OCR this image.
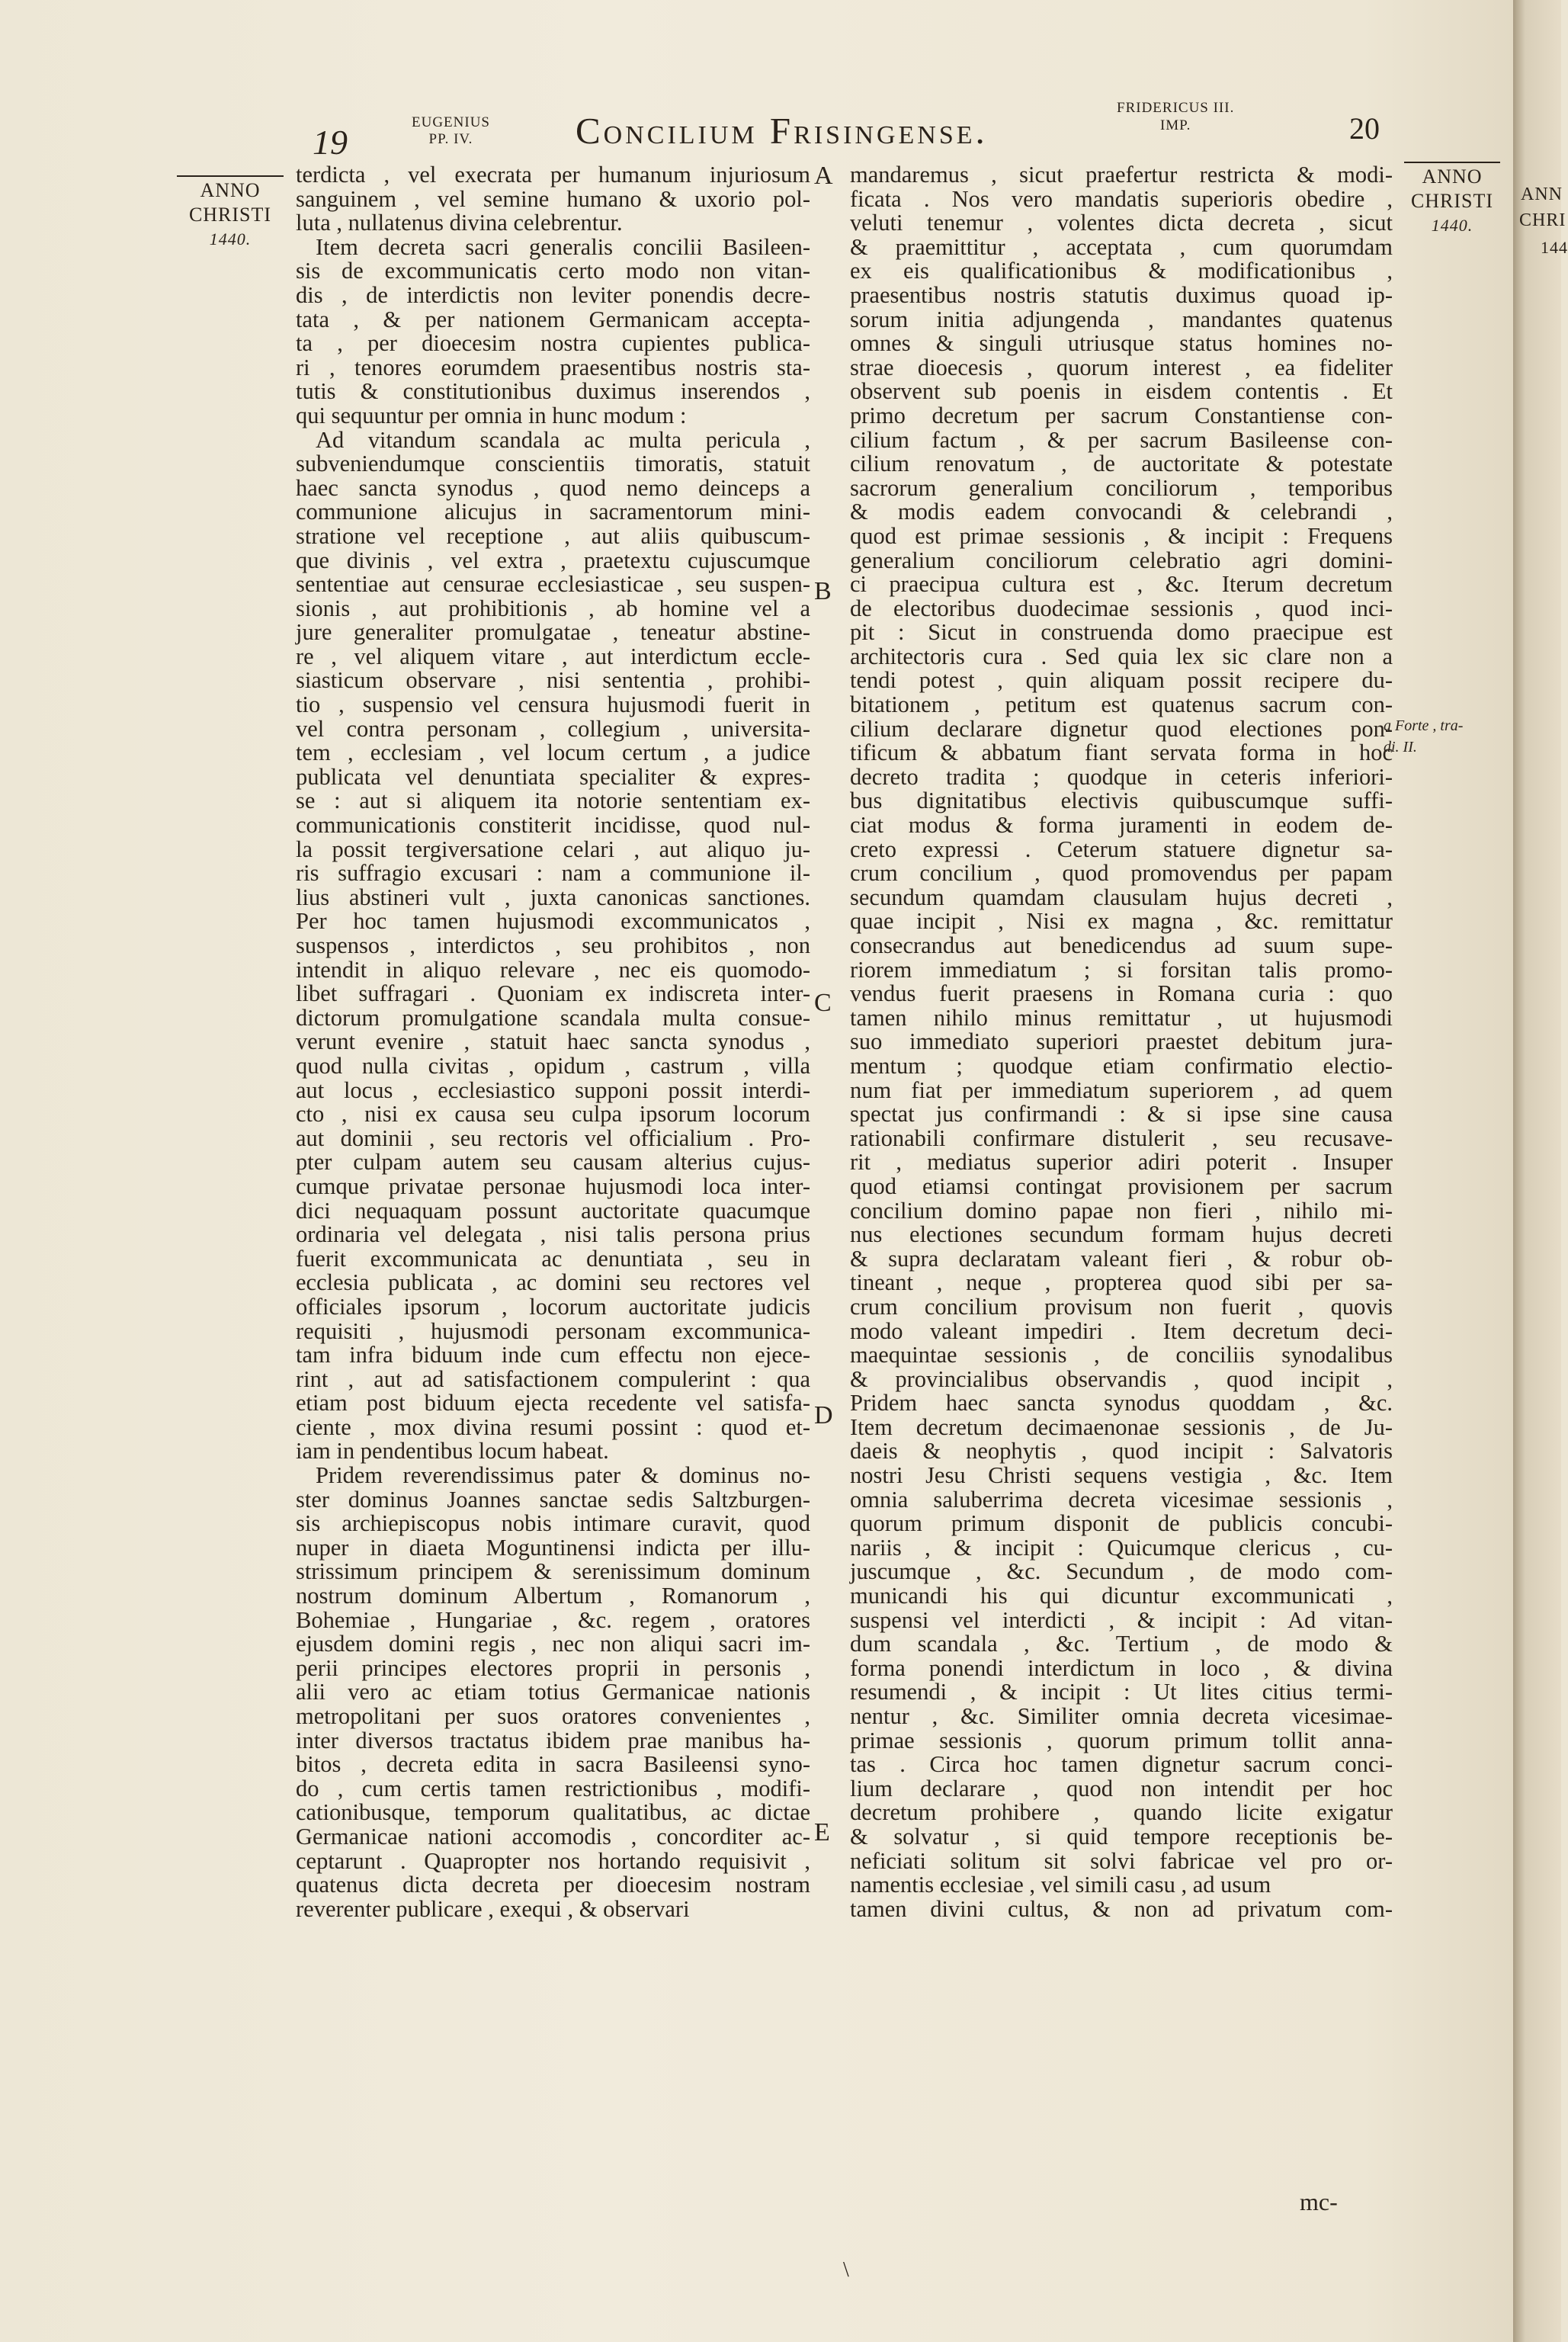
19
EUGENIUS
PP. IV.	Concilium Frisingense.
FRIDERICUS III.
IMP.	20
ANNO
CHRISTI
1440.
ANNO
CHRISTI
1440.
a Forte , tra-
di. II.
A
B
C
D
E
terdicta , vel execrata per humanum injuriosum
sanguinem , vel semine humano & uxorio pol-
luta , nullatenus divina celebrentur.
Item decreta sacri generalis concilii Basileen-
sis de excommunicatis certo modo non vitan-
dis , de interdictis non leviter ponendis decre-
tata , & per nationem Germanicam accepta-
ta , per dioecesim nostra cupientes publica-
ri , tenores eorumdem praesentibus nostris sta-
tutis & constitutionibus duximus inserendos ,
qui sequuntur per omnia in hunc modum :
Ad vitandum scandala ac multa pericula ,
subveniendumque conscientiis timoratis, statuit
haec sancta synodus , quod nemo deinceps a
communione alicujus in sacramentorum mini-
stratione vel receptione , aut aliis quibuscum-
que divinis , vel extra , praetextu cujuscumque
sententiae aut censurae ecclesiasticae , seu suspen-
sionis , aut prohibitionis , ab homine vel a
jure generaliter promulgatae , teneatur abstine-
re , vel aliquem vitare , aut interdictum eccle-
siasticum observare , nisi sententia , prohibi-
tio , suspensio vel censura hujusmodi fuerit in
vel contra personam , collegium , universita-
tem , ecclesiam , vel locum certum , a judice
publicata vel denuntiata specialiter & expres-
se : aut si aliquem ita notorie sententiam ex-
communicationis constiterit incidisse, quod nul-
la possit tergiversatione celari , aut aliquo ju-
ris suffragio excusari : nam a communione il-
lius abstineri vult , juxta canonicas sanctiones.
Per hoc tamen hujusmodi excommunicatos ,
suspensos , interdictos , seu prohibitos , non
intendit in aliquo relevare , nec eis quomodo-
libet suffragari . Quoniam ex indiscreta inter-
dictorum promulgatione scandala multa consue-
verunt evenire , statuit haec sancta synodus ,
quod nulla civitas , opidum , castrum , villa
aut locus , ecclesiastico supponi possit interdi-
cto , nisi ex causa seu culpa ipsorum locorum
aut dominii , seu rectoris vel officialium . Pro-
pter culpam autem seu causam alterius cujus-
cumque privatae personae hujusmodi loca inter-
dici nequaquam possunt auctoritate quacumque
ordinaria vel delegata , nisi talis persona prius
fuerit excommunicata ac denuntiata , seu in
ecclesia publicata , ac domini seu rectores vel
officiales ipsorum , locorum auctoritate judicis
requisiti , hujusmodi personam excommunica-
tam infra biduum inde cum effectu non ejece-
rint , aut ad satisfactionem compulerint : qua
etiam post biduum ejecta recedente vel satisfa-
ciente , mox divina resumi possint : quod et-
iam in pendentibus locum habeat.
Pridem reverendissimus pater & dominus no-
ster dominus Joannes sanctae sedis Saltzburgen-
sis archiepiscopus nobis intimare curavit, quod
nuper in diaeta Moguntinensi indicta per illu-
strissimum principem & serenissimum dominum
nostrum dominum Albertum , Romanorum ,
Bohemiae , Hungariae , &c. regem , oratores
ejusdem domini regis , nec non aliqui sacri im-
perii principes electores proprii in personis ,
alii vero ac etiam totius Germanicae nationis
metropolitani per suos oratores convenientes ,
inter diversos tractatus ibidem prae manibus ha-
bitos , decreta edita in sacra Basileensi syno-
do , cum certis tamen restrictionibus , modifi-
cationibusque, temporum qualitatibus, ac dictae
Germanicae nationi accomodis , concorditer ac-
ceptarunt . Quapropter nos hortando requisivit ,
quatenus dicta decreta per dioecesim nostram
reverenter publicare , exequi , & observari
mandaremus , sicut praefertur restricta & modi-
ficata . Nos vero mandatis superioris obedire ,
veluti tenemur , volentes dicta decreta , sicut
& praemittitur , acceptata , cum quorumdam
ex eis qualificationibus & modificationibus ,
praesentibus nostris statutis duximus quoad ip-
sorum initia adjungenda , mandantes quatenus
omnes & singuli utriusque status homines no-
strae dioecesis , quorum interest , ea fideliter
observent sub poenis in eisdem contentis . Et
primo decretum per sacrum Constantiense con-
cilium factum , & per sacrum Basileense con-
cilium renovatum , de auctoritate & potestate
sacrorum generalium conciliorum , temporibus
& modis eadem convocandi & celebrandi ,
quod est primae sessionis , & incipit : Frequens
generalium conciliorum celebratio agri domini-
ci praecipua cultura est , &c. Iterum decretum
de electoribus duodecimae sessionis , quod inci-
pit : Sicut in construenda domo praecipue est
architectoris cura . Sed quia lex sic clare non a
tendi potest , quin aliquam possit recipere du-
bitationem , petitum est quatenus sacrum con-
cilium declarare dignetur quod electiones pon-
tificum & abbatum fiant servata forma in hoc
decreto tradita ; quodque in ceteris inferiori-
bus dignitatibus electivis quibuscumque suffi-
ciat modus & forma juramenti in eodem de-
creto expressi . Ceterum statuere dignetur sa-
crum concilium , quod promovendus per papam
secundum quamdam clausulam hujus decreti ,
quae incipit , Nisi ex magna , &c. remittatur
consecrandus aut benedicendus ad suum supe-
riorem immediatum ; si forsitan talis promo-
vendus fuerit praesens in Romana curia : quo
tamen nihilo minus remittatur , ut hujusmodi
suo immediato superiori praestet debitum jura-
mentum ; quodque etiam confirmatio electio-
num fiat per immediatum superiorem , ad quem
spectat jus confirmandi : & si ipse sine causa
rationabili confirmare distulerit , seu recusave-
rit , mediatus superior adiri poterit . Insuper
quod etiamsi contingat provisionem per sacrum
concilium domino papae non fieri , nihilo mi-
nus electiones secundum formam hujus decreti
& supra declaratam valeant fieri , & robur ob-
tineant , neque , propterea quod sibi per sa-
crum concilium provisum non fuerit , quovis
modo valeant impediri . Item decretum deci-
maequintae sessionis , de conciliis synodalibus
& provincialibus observandis , quod incipit ,
Pridem haec sancta synodus quoddam , &c.
Item decretum decimaenonae sessionis , de Ju-
daeis & neophytis , quod incipit : Salvatoris
nostri Jesu Christi sequens vestigia , &c. Item
omnia saluberrima decreta vicesimae sessionis ,
quorum primum disponit de publicis concubi-
nariis , & incipit : Quicumque clericus , cu-
juscumque , &c. Secundum , de modo com-
municandi his qui dicuntur excommunicati ,
suspensi vel interdicti , & incipit : Ad vitan-
dum scandala , &c. Tertium , de modo &
forma ponendi interdictum in loco , & divina
resumendi , & incipit : Ut lites citius termi-
nentur , &c. Similiter omnia decreta vicesimae-
primae sessionis , quorum primum tollit anna-
tas . Circa hoc tamen dignetur sacrum conci-
lium declarare , quod non intendit per hoc
decretum prohibere , quando licite exigatur
& solvatur , si quid tempore receptionis be-
neficiati solitum sit solvi fabricae vel pro or-
namentis ecclesiae , vel simili casu , ad usum
tamen divini cultus, & non ad privatum com-
mc-
\
ANN
CHRI
144
